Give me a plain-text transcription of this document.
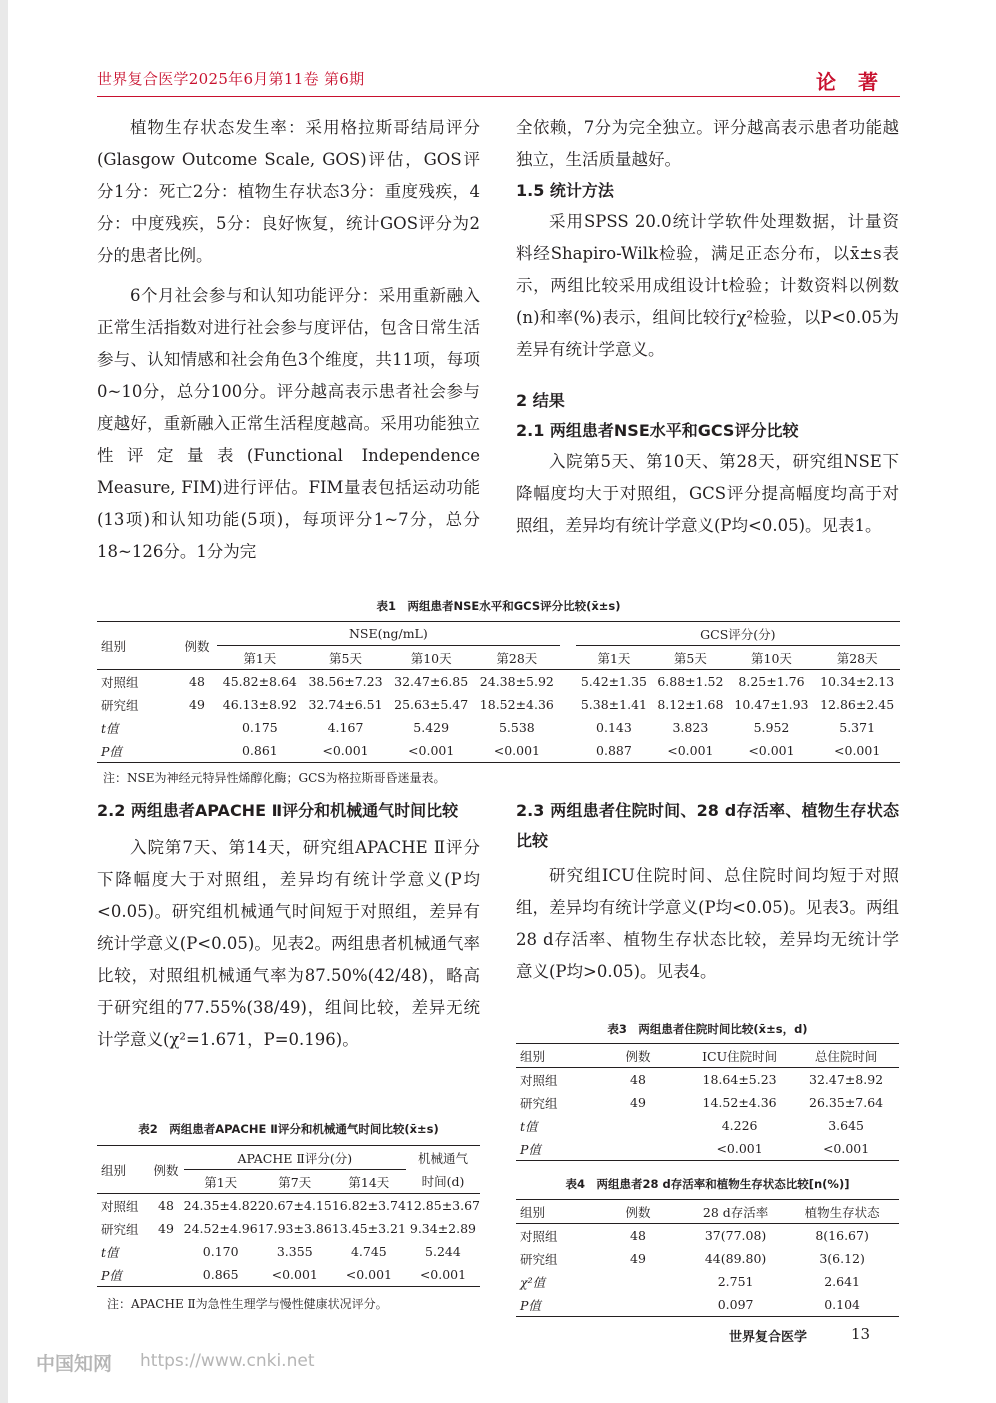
世界复合医学2025年6月第11卷 第6期	论著

植物生存状态发生率：采用格拉斯哥结局评分(Glasgow Outcome Scale, GOS)评估，GOS评分1分：死亡2分：植物生存状态3分：重度残疾，4分：中度残疾，5分：良好恢复，统计GOS评分为2分的患者比例。

6个月社会参与和认知功能评分：采用重新融入正常生活指数对进行社会参与度评估，包含日常生活参与、认知情感和社会角色3个维度，共11项，每项0~10分，总分100分。评分越高表示患者社会参与度越好，重新融入正常生活程度越高。采用功能独立性评定量表(Functional Independence Measure, FIM)进行评估。FIM量表包括运动功能(13项)和认知功能(5项)，每项评分1~7分，总分18~126分。1分为完

全依赖，7分为完全独立。评分越高表示患者功能越独立，生活质量越好。

1.5 统计方法

采用SPSS 20.0统计学软件处理数据，计量资料经Shapiro-Wilk检验，满足正态分布，以x̄±s表示，两组比较采用成组设计t检验；计数资料以例数(n)和率(%)表示，组间比较行χ²检验，以P<0.05为差异有统计学意义。

2 结果

2.1 两组患者NSE水平和GCS评分比较

入院第5天、第10天、第28天，研究组NSE下降幅度均大于对照组，GCS评分提高幅度均高于对照组，差异均有统计学意义(P均<0.05)。见表1。

表1　两组患者NSE水平和GCS评分比较(x̄±s)
组别	例数	NSE(ng/mL)					GCS评分(分)			
		第1天	第5天	第10天	第28天		第1天	第5天	第10天	第28天
对照组	48	45.82±8.64	38.56±7.23	32.47±6.85	24.38±5.92		5.42±1.35	6.88±1.52	8.25±1.76	10.34±2.13
研究组	49	46.13±8.92	32.74±6.51	25.63±5.47	18.52±4.36		5.38±1.41	8.12±1.68	10.47±1.93	12.86±2.45
t值		0.175	4.167	5.429	5.538		0.143	3.823	5.952	5.371
P值		0.861	<0.001	<0.001	<0.001		0.887	<0.001	<0.001	<0.001
注：NSE为神经元特异性烯醇化酶；GCS为格拉斯哥昏迷量表。

2.2 两组患者APACHE Ⅱ评分和机械通气时间比较

入院第7天、第14天，研究组APACHE Ⅱ评分下降幅度大于对照组，差异均有统计学意义(P均<0.05)。研究组机械通气时间短于对照组，差异有统计学意义(P<0.05)。见表2。两组患者机械通气率比较，对照组机械通气率为87.50%(42/48)，略高于研究组的77.55%(38/49)，组间比较，差异无统计学意义(χ²=1.671，P=0.196)。

表2　两组患者APACHE Ⅱ评分和机械通气时间比较(x̄±s)
组别	例数	APACHE Ⅱ评分(分)			机械通气
		第1天	第7天	第14天	时间(d)
对照组	48	24.35±4.82	20.67±4.15	16.82±3.74	12.85±3.67
研究组	49	24.52±4.96	17.93±3.86	13.45±3.21	9.34±2.89
t值		0.170	3.355	4.745	5.244
P值		0.865	<0.001	<0.001	<0.001
注：APACHE Ⅱ为急性生理学与慢性健康状况评分。

2.3 两组患者住院时间、28 d存活率、植物生存状态比较

研究组ICU住院时间、总住院时间均短于对照组，差异均有统计学意义(P均<0.05)。见表3。两组28 d存活率、植物生存状态比较，差异均无统计学意义(P均>0.05)。见表4。

表3　两组患者住院时间比较(x̄±s，d)
组别	例数	ICU住院时间	总住院时间
对照组	48	18.64±5.23	32.47±8.92
研究组	49	14.52±4.36	26.35±7.64
t值		4.226	3.645
P值		<0.001	<0.001
表4　两组患者28 d存活率和植物生存状态比较[n(%)]
组别	例数	28 d存活率	植物生存状态
对照组	48	37(77.08)	8(16.67)
研究组	49	44(89.80)	3(6.12)
χ²值		2.751	2.641
P值		0.097	0.104
世界复合医学	13
中国知网 https://www.cnki.net
